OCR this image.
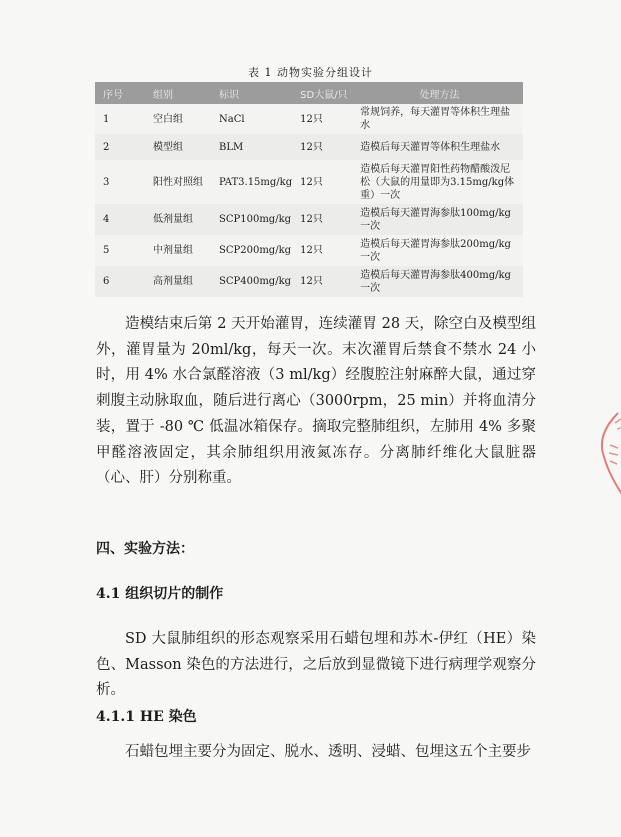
表 1 动物实验分组设计
序号	组别	标识	SD大鼠/只	处理方法
1	空白组	NaCl	12只	常规饲养，每天灌胃等体积生理盐水
2	模型组	BLM	12只	造模后每天灌胃等体积生理盐水
3	阳性对照组	PAT3.15mg/kg	12只	造模后每天灌胃阳性药物醋酸泼尼松（大鼠的用量即为3.15mg/kg体重）一次
4	低剂量组	SCP100mg/kg	12只	造模后每天灌胃海参肽100mg/kg一次
5	中剂量组	SCP200mg/kg	12只	造模后每天灌胃海参肽200mg/kg一次
6	高剂量组	SCP400mg/kg	12只	造模后每天灌胃海参肽400mg/kg一次

造模结束后第 2 天开始灌胃，连续灌胃 28 天，除空白及模型组外，灌胃量为 20ml/kg，每天一次。末次灌胃后禁食不禁水 24 小时，用 4% 水合氯醛溶液（3 ml/kg）经腹腔注射麻醉大鼠，通过穿刺腹主动脉取血，随后进行离心（3000rpm，25 min）并将血清分装，置于 -80 ℃ 低温冰箱保存。摘取完整肺组织，左肺用 4% 多聚甲醛溶液固定，其余肺组织用液氮冻存。分离肺纤维化大鼠脏器（心、肝）分别称重。

四、实验方法：

4.1 组织切片的制作

SD 大鼠肺组织的形态观察采用石蜡包埋和苏木-伊红（HE）染色、Masson 染色的方法进行，之后放到显微镜下进行病理学观察分析。

4.1.1 HE 染色

石蜡包埋主要分为固定、脱水、透明、浸蜡、包埋这五个主要步
